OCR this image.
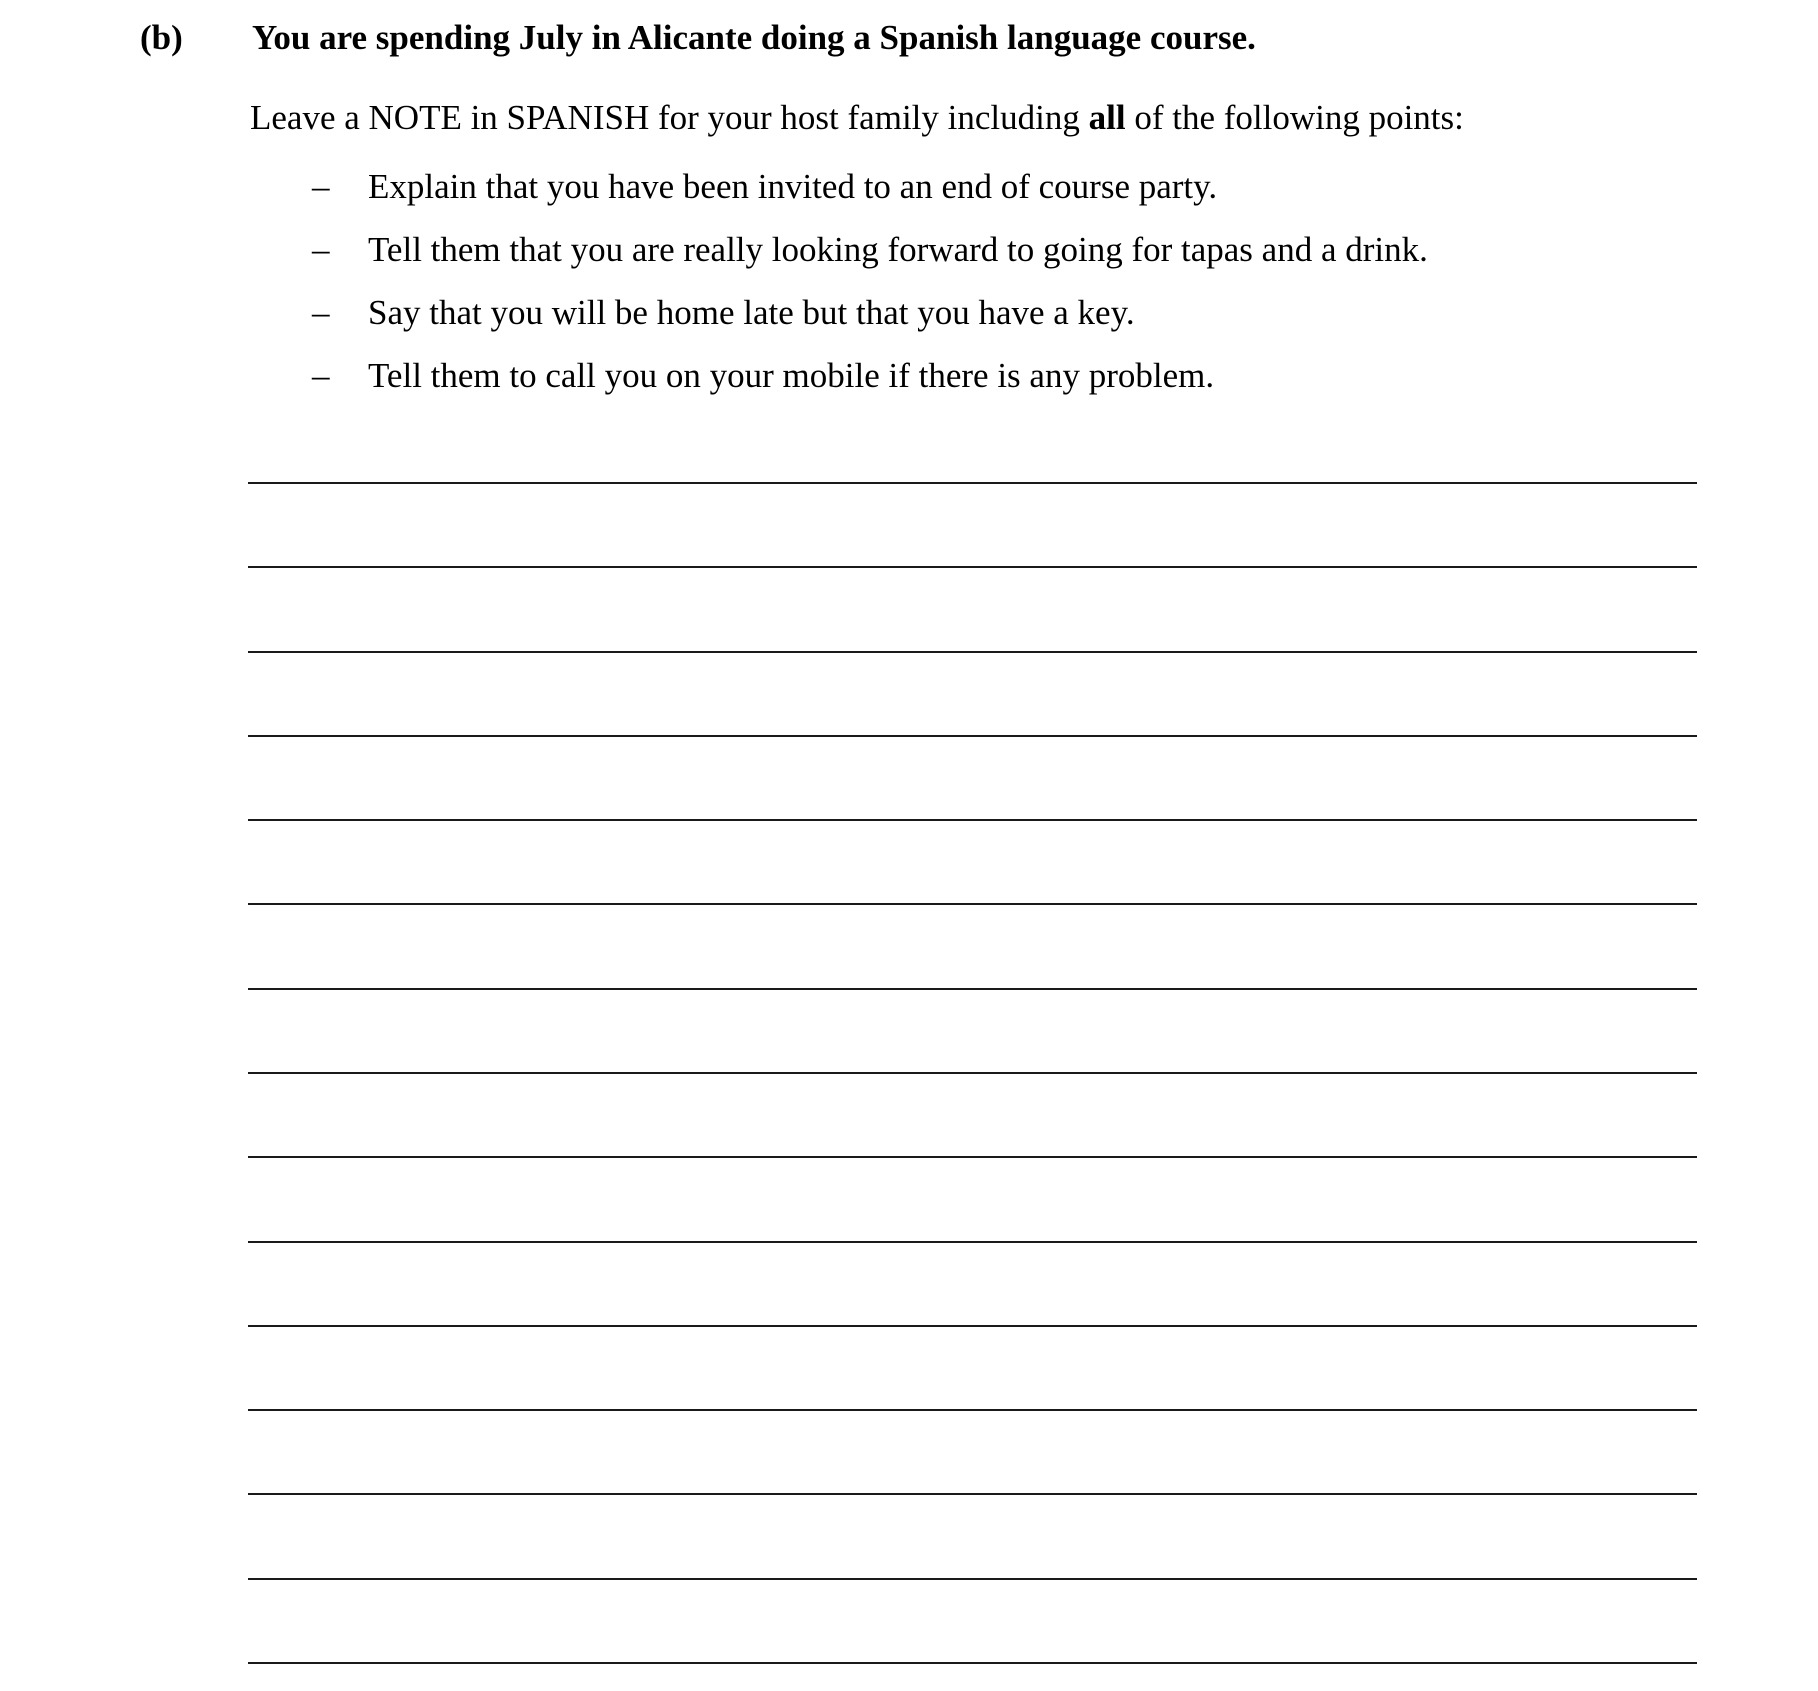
(b) You are spending July in Alicante doing a Spanish language course.
Leave a NOTE in SPANISH for your host family including all of the following points:
– Explain that you have been invited to an end of course party.
– Tell them that you are really looking forward to going for tapas and a drink.
– Say that you will be home late but that you have a key.
– Tell them to call you on your mobile if there is any problem.
